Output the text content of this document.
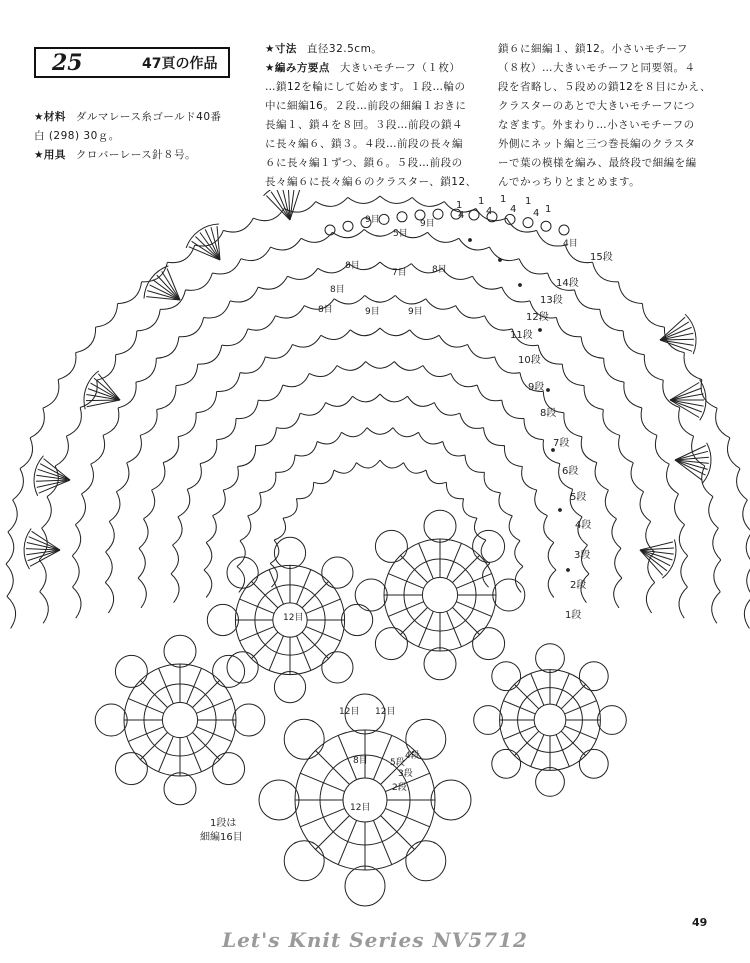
25	47頁の作品
★材料 ダルマレース糸ゴールド40番
白 (298) 30ｇ。
★用具 クロバーレース針８号。
★寸法 直径32.5cm。
★編み方要点 大きいモチーフ（１枚）
…鎖12を輪にして始めます。１段…輪の
中に細編16。２段…前段の細編１おきに
長編１、鎖４を８回。３段…前段の鎖４
に長々編６、鎖３。４段…前段の長々編
６に長々編１ずつ、鎖６。５段…前段の
長々編６に長々編６のクラスター、鎖12、
鎖６に細編１、鎖12。小さいモチーフ
（８枚）…大きいモチーフと同要領。４
段を省略し、５段めの鎖12を８目にかえ、
クラスターのあとで大きいモチーフにつ
なぎます。外まわり…小さいモチーフの
外側にネット編と三つ巻長編のクラスタ
ーで葉の模様を編み、最終段で細編を編
んでかっちりとまとめます。
15段
14段
13段
12段
11段
10段
9段
8段
7段
6段
5段
4段
3段
2段
1段
9目	9目
8目
8目
8目
8目
7目
9目	9目
5目
4目
12目
12目
12目 12目
8目 5段
4段
3段
2段
1
4
1
4
1
4
1
4 1
1段は
細編16目
Let's Knit Series NV5712
49
